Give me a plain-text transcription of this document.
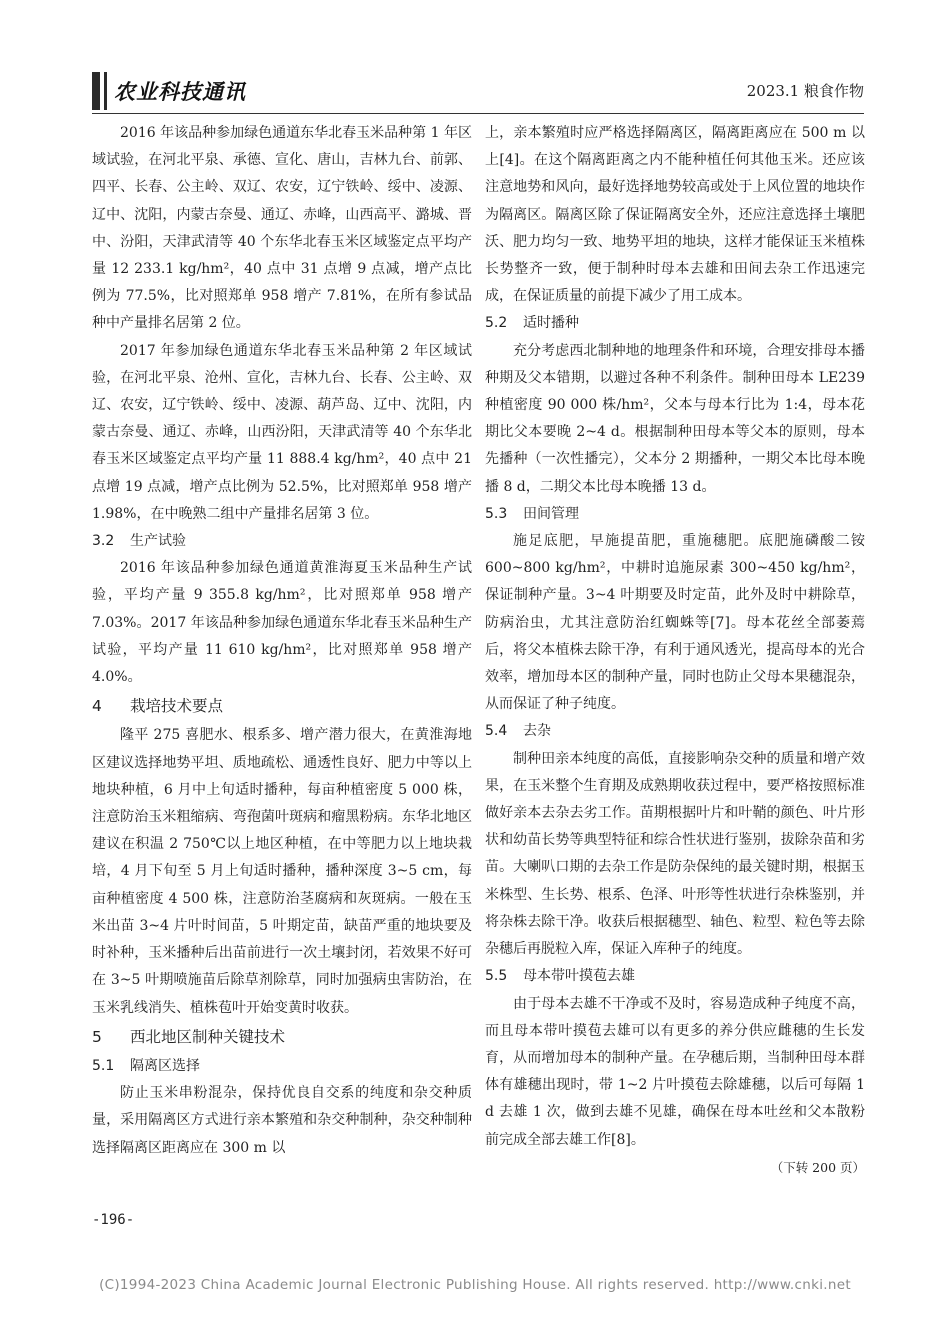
农业科技通讯	2023.1 粮食作物

2016 年该品种参加绿色通道东华北春玉米品种第 1 年区域试验，在河北平泉、承德、宣化、唐山，吉林九台、前郭、四平、长春、公主岭、双辽、农安，辽宁铁岭、绥中、凌源、辽中、沈阳，内蒙古奈曼、通辽、赤峰，山西高平、潞城、晋中、汾阳，天津武清等 40 个东华北春玉米区域鉴定点平均产量 12 233.1 kg/hm²，40 点中 31 点增 9 点减，增产点比例为 77.5%，比对照郑单 958 增产 7.81%，在所有参试品种中产量排名居第 2 位。

2017 年参加绿色通道东华北春玉米品种第 2 年区域试验，在河北平泉、沧州、宣化，吉林九台、长春、公主岭、双辽、农安，辽宁铁岭、绥中、凌源、葫芦岛、辽中、沈阳，内蒙古奈曼、通辽、赤峰，山西汾阳，天津武清等 40 个东华北春玉米区域鉴定点平均产量 11 888.4 kg/hm²，40 点中 21 点增 19 点减，增产点比例为 52.5%，比对照郑单 958 增产 1.98%，在中晚熟二组中产量排名居第 3 位。

3.2 生产试验

2016 年该品种参加绿色通道黄淮海夏玉米品种生产试验，平均产量 9 355.8 kg/hm²，比对照郑单 958 增产 7.03%。2017 年该品种参加绿色通道东华北春玉米品种生产试验，平均产量 11 610 kg/hm²，比对照郑单 958 增产 4.0%。

4 栽培技术要点

隆平 275 喜肥水、根系多、增产潜力很大，在黄淮海地区建议选择地势平坦、质地疏松、通透性良好、肥力中等以上地块种植，6 月中上旬适时播种，每亩种植密度 5 000 株，注意防治玉米粗缩病、弯孢菌叶斑病和瘤黑粉病。东华北地区建议在积温 2 750℃以上地区种植，在中等肥力以上地块栽培，4 月下旬至 5 月上旬适时播种，播种深度 3~5 cm，每亩种植密度 4 500 株，注意防治茎腐病和灰斑病。一般在玉米出苗 3~4 片叶时间苗，5 叶期定苗，缺苗严重的地块要及时补种，玉米播种后出苗前进行一次土壤封闭，若效果不好可在 3~5 叶期喷施苗后除草剂除草，同时加强病虫害防治，在玉米乳线消失、植株苞叶开始变黄时收获。

5 西北地区制种关键技术
5.1 隔离区选择

防止玉米串粉混杂，保持优良自交系的纯度和杂交种质量，采用隔离区方式进行亲本繁殖和杂交种制种，杂交种制种选择隔离区距离应在 300 m 以

上，亲本繁殖时应严格选择隔离区，隔离距离应在 500 m 以上[4]。在这个隔离距离之内不能种植任何其他玉米。还应该注意地势和风向，最好选择地势较高或处于上风位置的地块作为隔离区。隔离区除了保证隔离安全外，还应注意选择土壤肥沃、肥力均匀一致、地势平坦的地块，这样才能保证玉米植株长势整齐一致，便于制种时母本去雄和田间去杂工作迅速完成，在保证质量的前提下减少了用工成本。

5.2 适时播种

充分考虑西北制种地的地理条件和环境，合理安排母本播种期及父本错期，以避过各种不利条件。制种田母本 LE239 种植密度 90 000 株/hm²，父本与母本行比为 1:4，母本花期比父本要晚 2~4 d。根据制种田母本等父本的原则，母本先播种（一次性播完），父本分 2 期播种，一期父本比母本晚播 8 d，二期父本比母本晚播 13 d。

5.3 田间管理

施足底肥，早施提苗肥，重施穗肥。底肥施磷酸二铵 600~800 kg/hm²，中耕时追施尿素 300~450 kg/hm²，保证制种产量。3~4 叶期要及时定苗，此外及时中耕除草，防病治虫，尤其注意防治红蜘蛛等[7]。母本花丝全部萎蔫后，将父本植株去除干净，有利于通风透光，提高母本的光合效率，增加母本区的制种产量，同时也防止父母本果穗混杂，从而保证了种子纯度。

5.4 去杂

制种田亲本纯度的高低，直接影响杂交种的质量和增产效果，在玉米整个生育期及成熟期收获过程中，要严格按照标准做好亲本去杂去劣工作。苗期根据叶片和叶鞘的颜色、叶片形状和幼苗长势等典型特征和综合性状进行鉴别，拔除杂苗和劣苗。大喇叭口期的去杂工作是防杂保纯的最关键时期，根据玉米株型、生长势、根系、色泽、叶形等性状进行杂株鉴别，并将杂株去除干净。收获后根据穗型、轴色、粒型、粒色等去除杂穗后再脱粒入库，保证入库种子的纯度。

5.5 母本带叶摸苞去雄

由于母本去雄不干净或不及时，容易造成种子纯度不高，而且母本带叶摸苞去雄可以有更多的养分供应雌穗的生长发育，从而增加母本的制种产量。在孕穗后期，当制种田母本群体有雄穗出现时，带 1~2 片叶摸苞去除雄穗，以后可每隔 1 d 去雄 1 次，做到去雄不见雄，确保在母本吐丝和父本散粉前完成全部去雄工作[8]。

（下转 200 页）
-196-
(C)1994-2023 China Academic Journal Electronic Publishing House. All rights reserved. http://www.cnki.net
